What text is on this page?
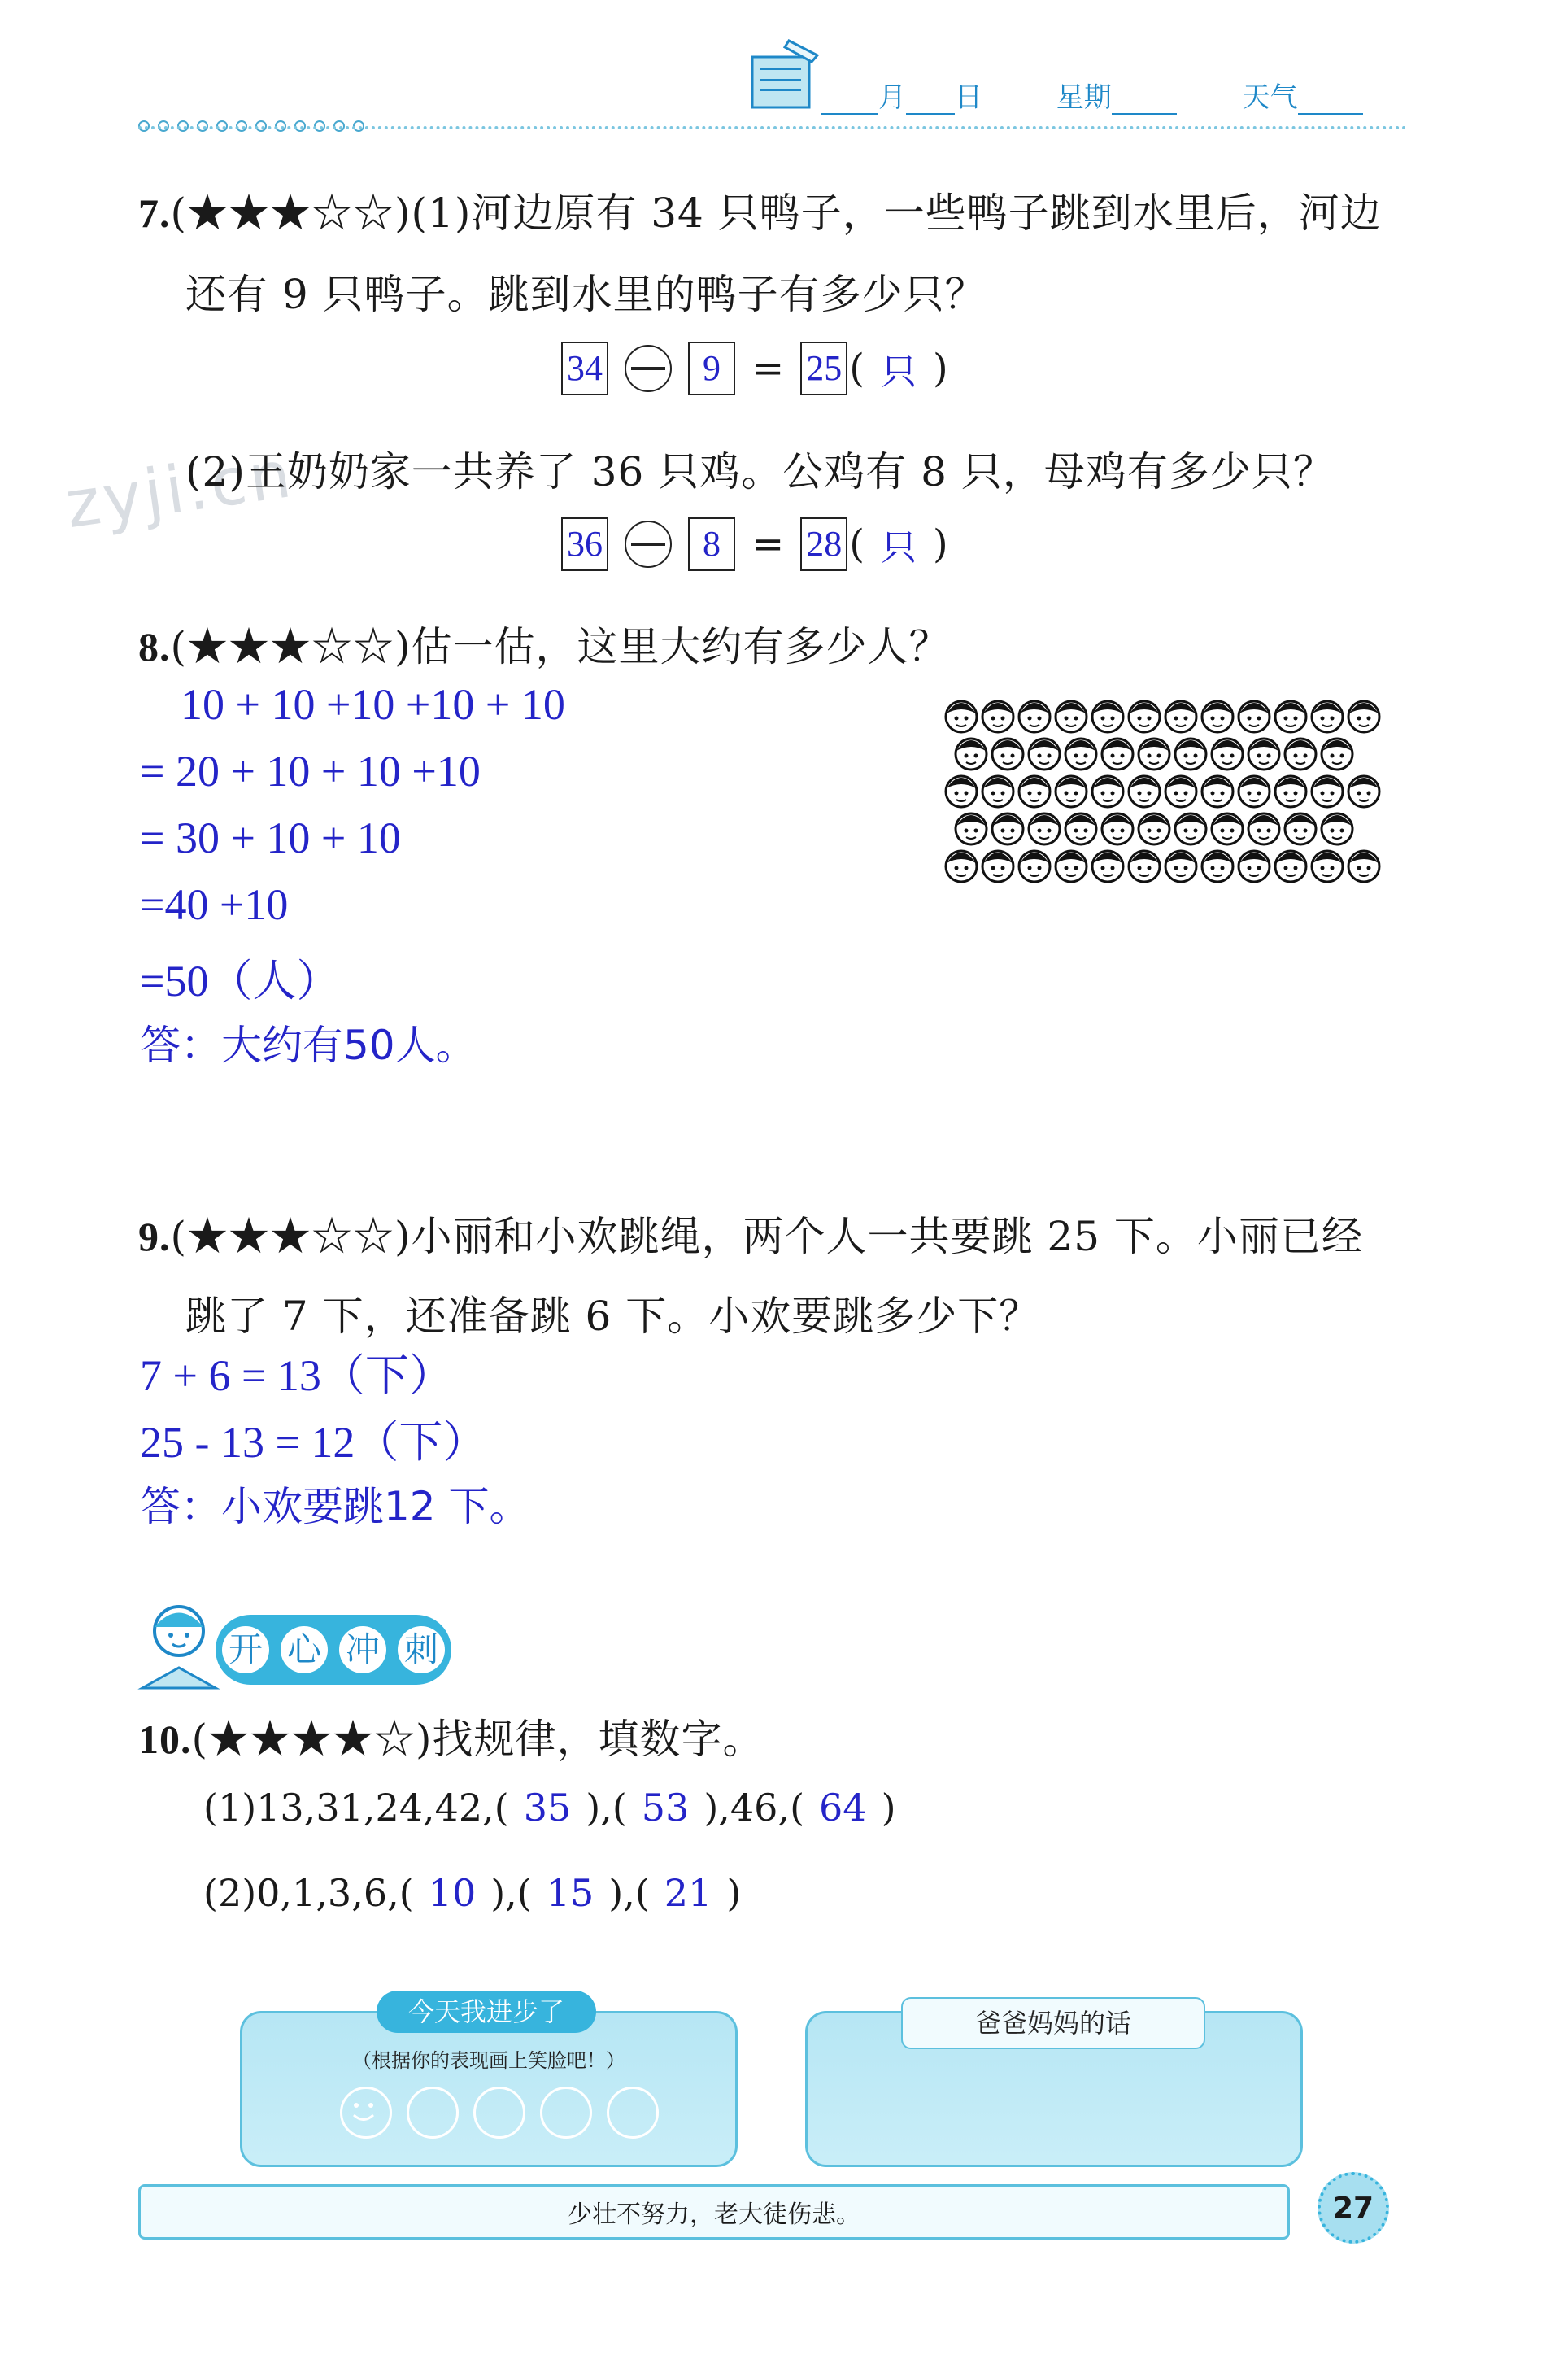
月 日	星期	天气
zyji.cn
7.(★★★☆☆)(1)河边原有 34 只鸭子，一些鸭子跳到水里后，河边
还有 9 只鸭子。跳到水里的鸭子有多少只？
34	9 = 25 ( 只 )
(2)王奶奶家一共养了 36 只鸡。公鸡有 8 只，母鸡有多少只？
36	8 = 28 ( 只 )
8.(★★★☆☆)估一估，这里大约有多少人？
10 + 10 +10 +10 + 10
= 20 + 10 + 10 +10
= 30 + 10 + 10
=40 +10
=50（人）
答：大约有50人。
9.(★★★☆☆)小丽和小欢跳绳，两个人一共要跳 25 下。小丽已经
跳了 7 下，还准备跳 6 下。小欢要跳多少下？
7 + 6 = 13（下）
25 - 13 = 12（下）
答：小欢要跳12 下。
开 心 冲 刺
10.(★★★★☆)找规律，填数字。
(1)13,31,24,42,( 35 ),( 53 ),46,( 64 )
(2)0,1,3,6,( 10 ),( 15 ),( 21 )
今天我进步了
（根据你的表现画上笑脸吧！）
爸爸妈妈的话
少壮不努力，老大徒伤悲。	27
